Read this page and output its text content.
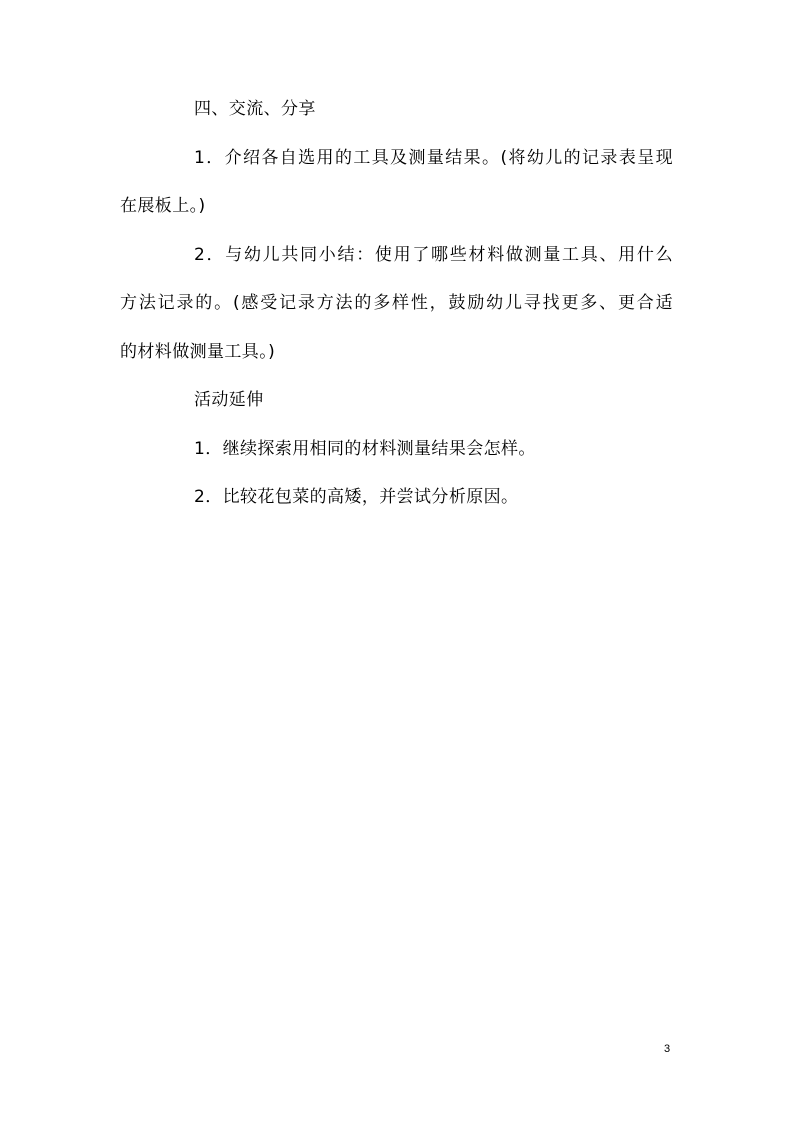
四、交流、分享
1．介绍各自选用的工具及测量结果。(将幼儿的记录表呈现
在展板上。)
2．与幼儿共同小结：使用了哪些材料做测量工具、用什么
方法记录的。(感受记录方法的多样性，鼓励幼儿寻找更多、更合适
的材料做测量工具。)
活动延伸
1．继续探索用相同的材料测量结果会怎样。
2．比较花包菜的高矮，并尝试分析原因。
3
